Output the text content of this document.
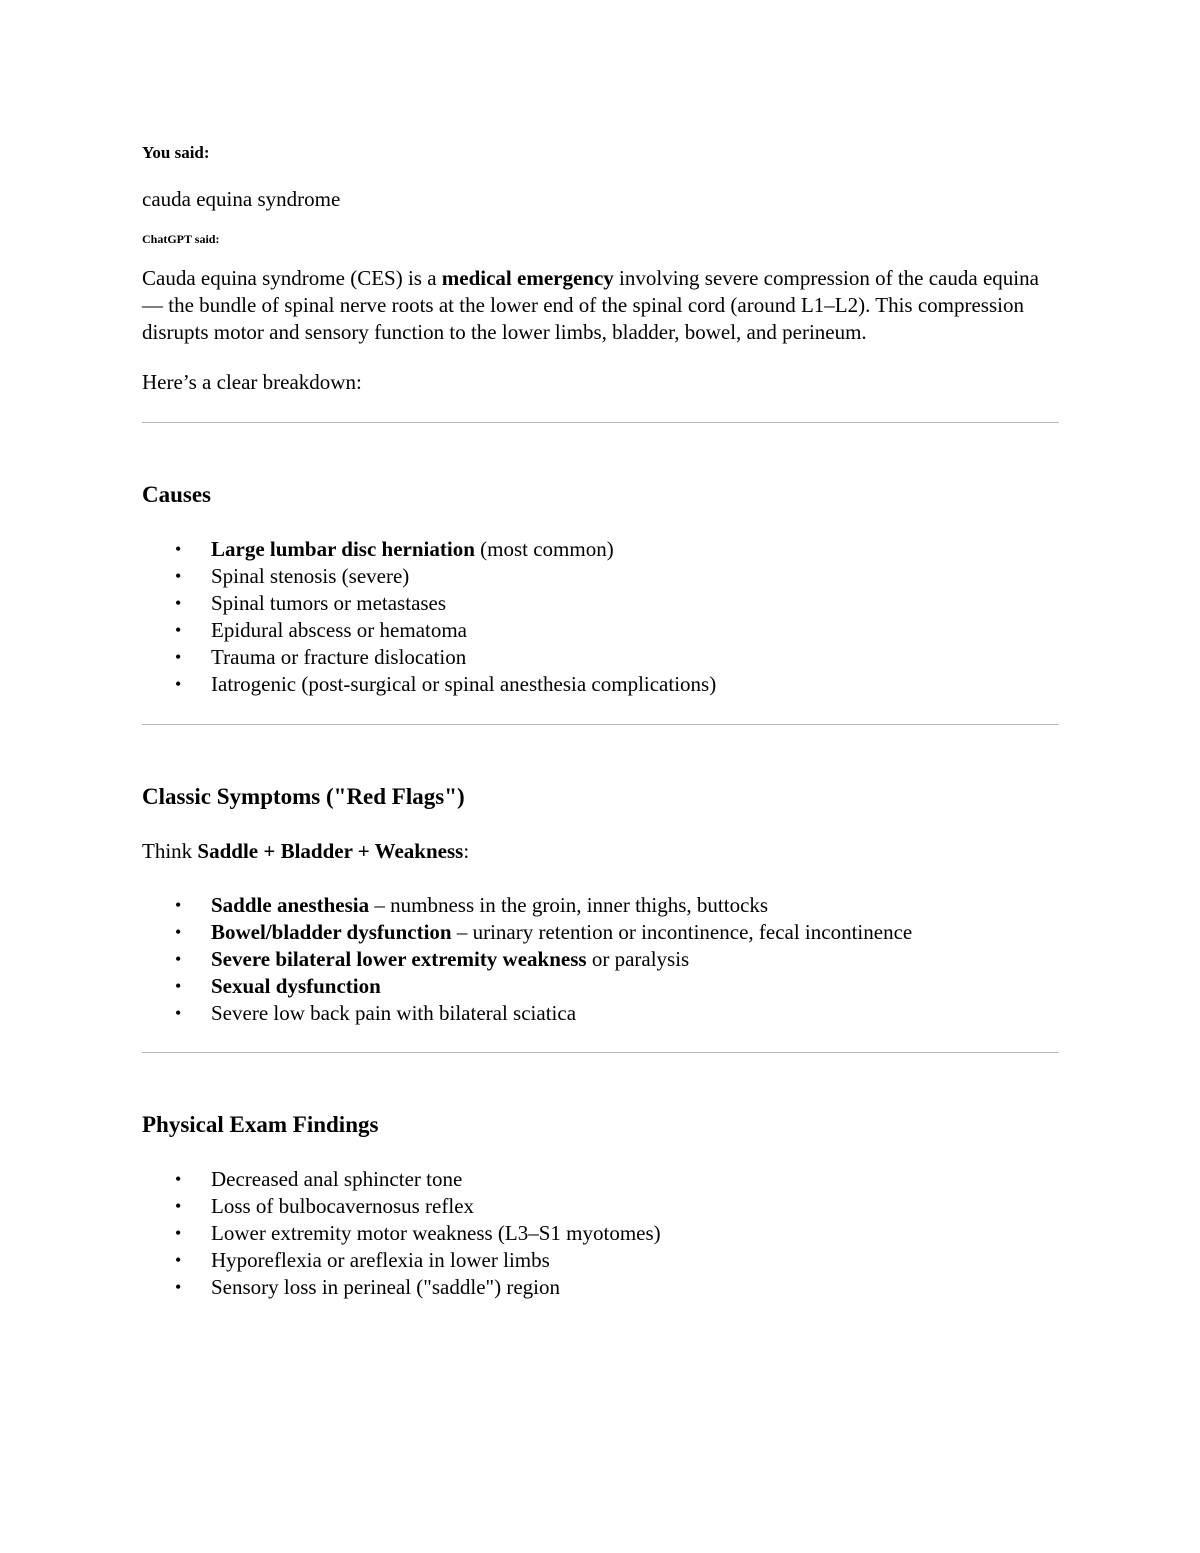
You said:
cauda equina syndrome
ChatGPT said:
Cauda equina syndrome (CES) is a medical emergency involving severe compression of the cauda equina — the bundle of spinal nerve roots at the lower end of the spinal cord (around L1–L2). This compression disrupts motor and sensory function to the lower limbs, bladder, bowel, and perineum.
Here’s a clear breakdown:
Causes
• Large lumbar disc herniation (most common)
• Spinal stenosis (severe)
• Spinal tumors or metastases
• Epidural abscess or hematoma
• Trauma or fracture dislocation
• Iatrogenic (post-surgical or spinal anesthesia complications)
Classic Symptoms ("Red Flags")
Think Saddle + Bladder + Weakness:
• Saddle anesthesia – numbness in the groin, inner thighs, buttocks
• Bowel/bladder dysfunction – urinary retention or incontinence, fecal incontinence
• Severe bilateral lower extremity weakness or paralysis
• Sexual dysfunction
• Severe low back pain with bilateral sciatica
Physical Exam Findings
• Decreased anal sphincter tone
• Loss of bulbocavernosus reflex
• Lower extremity motor weakness (L3–S1 myotomes)
• Hyporeflexia or areflexia in lower limbs
• Sensory loss in perineal ("saddle") region
